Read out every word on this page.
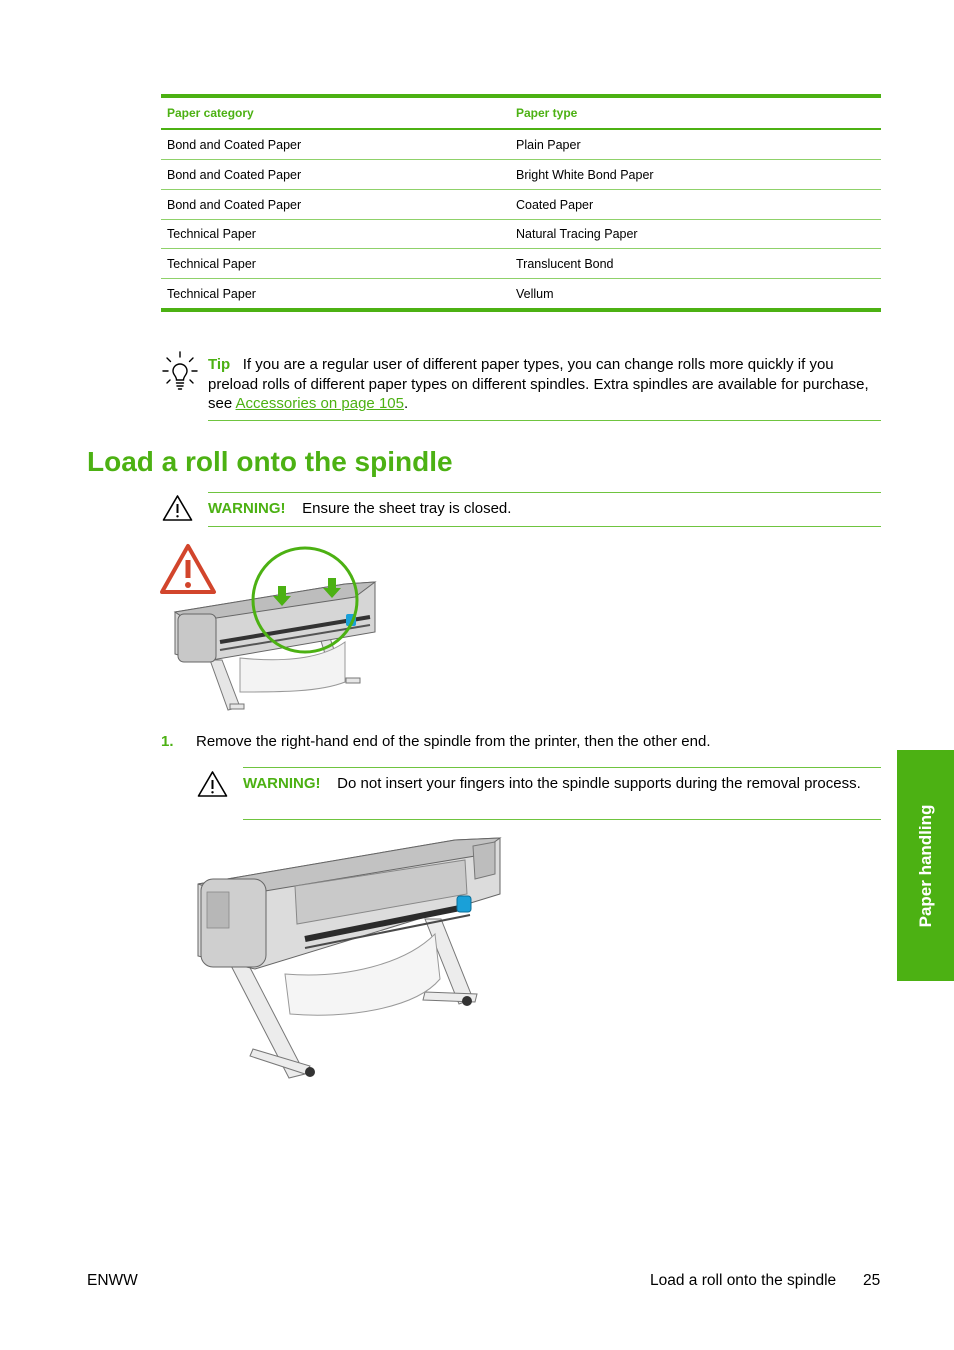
Paper category	Paper type
Bond and Coated Paper	Plain Paper
Bond and Coated Paper	Bright White Bond Paper
Bond and Coated Paper	Coated Paper
Technical Paper	Natural Tracing Paper
Technical Paper	Translucent Bond
Technical Paper	Vellum
Tip If you are a regular user of different paper types, you can change rolls more quickly if you preload rolls of different paper types on different spindles. Extra spindles are available for purchase, see Accessories on page 105.
Load a roll onto the spindle
WARNING! Ensure the sheet tray is closed.
1. Remove the right-hand end of the spindle from the printer, then the other end.
WARNING! Do not insert your fingers into the spindle supports during the removal process.
Paper handling
ENWW	Load a roll onto the spindle 25
